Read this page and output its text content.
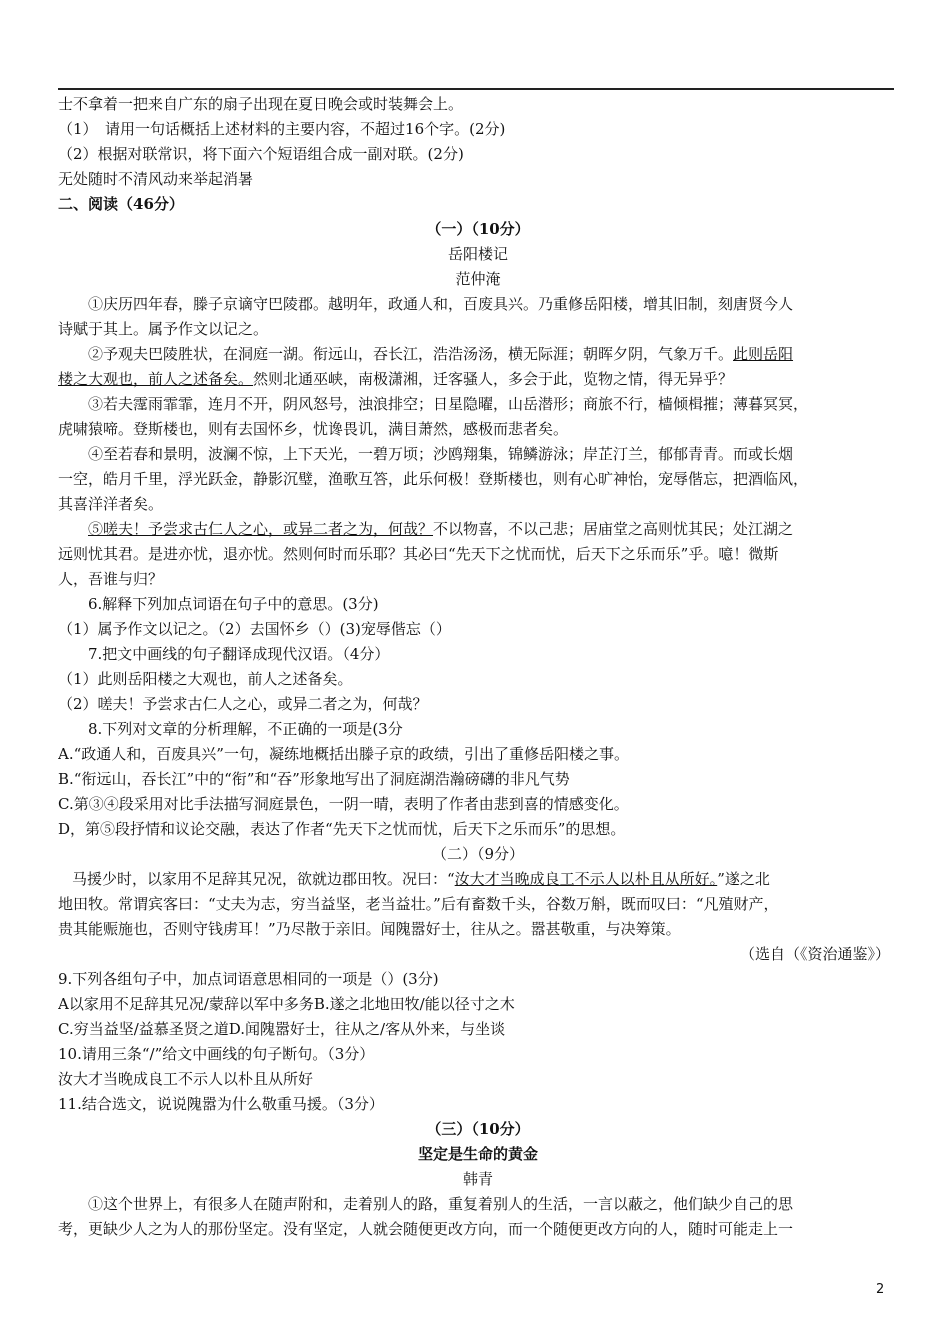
士不拿着一把来自广东的扇子出现在夏日晚会或时装舞会上。
（1）　请用一句话概括上述材料的主要内容，不超过16个字。(2分)
（2）根据对联常识，将下面六个短语组合成一副对联。(2分)
无处随时不清风动来举起消暑
二、阅读（46分）
（一）（10分）
岳阳楼记
范仲淹
①庆历四年春，滕子京谪守巴陵郡。越明年，政通人和，百废具兴。乃重修岳阳楼，增其旧制，刻唐贤今人
诗赋于其上。属予作文以记之。
②予观夫巴陵胜状，在洞庭一湖。衔远山，吞长江，浩浩汤汤，横无际涯；朝晖夕阴，气象万千。此则岳阳
楼之大观也，前人之述备矣。然则北通巫峡，南极潇湘，迁客骚人，多会于此，览物之情，得无异乎？
③若夫霪雨霏霏，连月不开，阴风怒号，浊浪排空；日星隐曜，山岳潜形；商旅不行，樯倾楫摧；薄暮冥冥，
虎啸猿啼。登斯楼也，则有去国怀乡，忧谗畏讥，满目萧然，感极而悲者矣。
④至若春和景明，波澜不惊，上下天光，一碧万顷；沙鸥翔集，锦鳞游泳；岸芷汀兰，郁郁青青。而或长烟
一空，皓月千里，浮光跃金，静影沉璧，渔歌互答，此乐何极！登斯楼也，则有心旷神怡，宠辱偕忘，把酒临风，
其喜洋洋者矣。
⑤嗟夫！予尝求古仁人之心，或异二者之为，何哉？不以物喜，不以己悲；居庙堂之高则忧其民；处江湖之
远则忧其君。是进亦忧，退亦忧。然则何时而乐耶？其必曰“先天下之忧而忧，后天下之乐而乐”乎。噫！微斯
人，吾谁与归？
6.解释下列加点词语在句子中的意思。(3分)
（1）属予作文以记之。（2）去国怀乡（）(3)宠辱偕忘（）
7.把文中画线的句子翻译成现代汉语。（4分）
（1）此则岳阳楼之大观也，前人之述备矣。
（2）嗟夫！予尝求古仁人之心，或异二者之为，何哉？
8.下列对文章的分析理解，不正确的一项是(3分
A.“政通人和，百废具兴”一句，凝练地概括出滕子京的政绩，引出了重修岳阳楼之事。
B.“衔远山，吞长江”中的“衔”和“吞”形象地写出了洞庭湖浩瀚磅礴的非凡气势
C.第③④段采用对比手法描写洞庭景色，一阴一晴，表明了作者由悲到喜的情感变化。
D，第⑤段抒情和议论交融，表达了作者“先天下之忧而忧，后天下之乐而乐”的思想。
（二）（9分）
马援少时，以家用不足辞其兄况，欲就边郡田牧。况曰：“汝大才当晚成良工不示人以朴且从所好。”遂之北
地田牧。常谓宾客曰：“丈夫为志，穷当益坚，老当益壮。”后有畜数千头，谷数万斛，既而叹曰：“凡殖财产，
贵其能赈施也，否则守钱虏耳！”乃尽散于亲旧。闻隗嚣好士，往从之。嚣甚敬重，与决筹策。
（选自（《资治通鉴》）
9.下列各组句子中，加点词语意思相同的一项是（）(3分)
A以家用不足辞其兄况/蒙辞以军中多务B.遂之北地田牧/能以径寸之木
C.穷当益坚/益慕圣贤之道D.闻隗嚣好士，往从之/客从外来，与坐谈
10.请用三条“/”给文中画线的句子断句。（3分）
汝大才当晚成良工不示人以朴且从所好
11.结合选文，说说隗嚣为什么敬重马援。（3分）
（三）（10分）
坚定是生命的黄金
韩青
①这个世界上，有很多人在随声附和，走着别人的路，重复着别人的生活，一言以蔽之，他们缺少自己的思
考，更缺少人之为人的那份坚定。没有坚定，人就会随便更改方向，而一个随便更改方向的人，随时可能走上一
2
